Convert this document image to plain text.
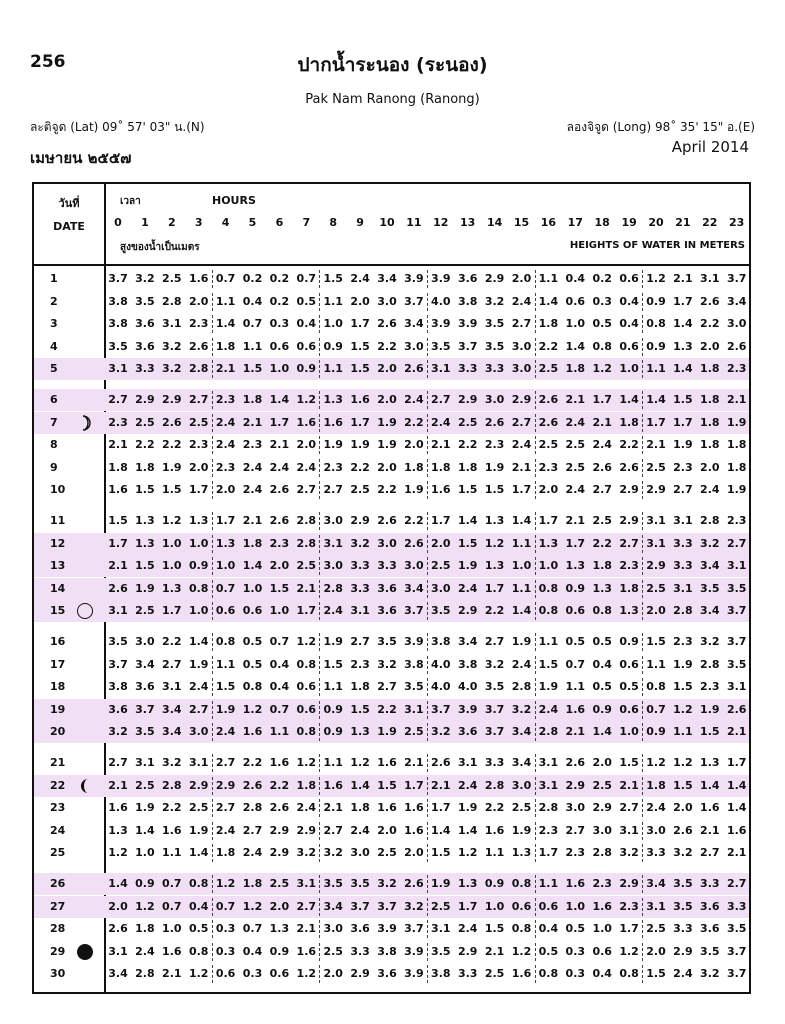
256	ปากน้ำระนอง (ระนอง)
Pak Nam Ranong (Ranong)
ละติจูด (Lat) 09˚ 57' 03" น.(N)	ลองจิจูด (Long) 98˚ 35' 15" อ.(E)
เมษายน ๒๕๕๗
April 2014
วันที่
DATE
เวลา	HOURS
สูงของน้ำเป็นเมตร	HEIGHTS OF WATER IN METERS
0	1	2	3	4	5	6	7	8	9	10	11	12	13	14	15	16	17	18	19	20	21	22	23
1	3.7 3.2 2.5 1.6 0.7 0.2 0.2 0.7 1.5 2.4 3.4 3.9 3.9 3.6 2.9 2.0 1.1 0.4 0.2 0.6 1.2 2.1 3.1 3.7
2	3.8 3.5 2.8 2.0 1.1 0.4 0.2 0.5 1.1 2.0 3.0 3.7 4.0 3.8 3.2 2.4 1.4 0.6 0.3 0.4 0.9 1.7 2.6 3.4
3	3.8 3.6 3.1 2.3 1.4 0.7 0.3 0.4 1.0 1.7 2.6 3.4 3.9 3.9 3.5 2.7 1.8 1.0 0.5 0.4 0.8 1.4 2.2 3.0
4	3.5 3.6 3.2 2.6 1.8 1.1 0.6 0.6 0.9 1.5 2.2 3.0 3.5 3.7 3.5 3.0 2.2 1.4 0.8 0.6 0.9 1.3 2.0 2.6
5	3.1 3.3 3.2 2.8 2.1 1.5 1.0 0.9 1.1 1.5 2.0 2.6 3.1 3.3 3.3 3.0 2.5 1.8 1.2 1.0 1.1 1.4 1.8 2.3
6	2.7 2.9 2.9 2.7 2.3 1.8 1.4 1.2 1.3 1.6 2.0 2.4 2.7 2.9 3.0 2.9 2.6 2.1 1.7 1.4 1.4 1.5 1.8 2.1
7	2.3 2.5 2.6 2.5 2.4 2.1 1.7 1.6 1.6 1.7 1.9 2.2 2.4 2.5 2.6 2.7 2.6 2.4 2.1 1.8 1.7 1.7 1.8 1.9
8	2.1 2.2 2.2 2.3 2.4 2.3 2.1 2.0 1.9 1.9 1.9 2.0 2.1 2.2 2.3 2.4 2.5 2.5 2.4 2.2 2.1 1.9 1.8 1.8
9	1.8 1.8 1.9 2.0 2.3 2.4 2.4 2.4 2.3 2.2 2.0 1.8 1.8 1.8 1.9 2.1 2.3 2.5 2.6 2.6 2.5 2.3 2.0 1.8
10	1.6 1.5 1.5 1.7 2.0 2.4 2.6 2.7 2.7 2.5 2.2 1.9 1.6 1.5 1.5 1.7 2.0 2.4 2.7 2.9 2.9 2.7 2.4 1.9
11	1.5 1.3 1.2 1.3 1.7 2.1 2.6 2.8 3.0 2.9 2.6 2.2 1.7 1.4 1.3 1.4 1.7 2.1 2.5 2.9 3.1 3.1 2.8 2.3
12	1.7 1.3 1.0 1.0 1.3 1.8 2.3 2.8 3.1 3.2 3.0 2.6 2.0 1.5 1.2 1.1 1.3 1.7 2.2 2.7 3.1 3.3 3.2 2.7
13	2.1 1.5 1.0 0.9 1.0 1.4 2.0 2.5 3.0 3.3 3.3 3.0 2.5 1.9 1.3 1.0 1.0 1.3 1.8 2.3 2.9 3.3 3.4 3.1
14	2.6 1.9 1.3 0.8 0.7 1.0 1.5 2.1 2.8 3.3 3.6 3.4 3.0 2.4 1.7 1.1 0.8 0.9 1.3 1.8 2.5 3.1 3.5 3.5
15	3.1 2.5 1.7 1.0 0.6 0.6 1.0 1.7 2.4 3.1 3.6 3.7 3.5 2.9 2.2 1.4 0.8 0.6 0.8 1.3 2.0 2.8 3.4 3.7
16	3.5 3.0 2.2 1.4 0.8 0.5 0.7 1.2 1.9 2.7 3.5 3.9 3.8 3.4 2.7 1.9 1.1 0.5 0.5 0.9 1.5 2.3 3.2 3.7
17	3.7 3.4 2.7 1.9 1.1 0.5 0.4 0.8 1.5 2.3 3.2 3.8 4.0 3.8 3.2 2.4 1.5 0.7 0.4 0.6 1.1 1.9 2.8 3.5
18	3.8 3.6 3.1 2.4 1.5 0.8 0.4 0.6 1.1 1.8 2.7 3.5 4.0 4.0 3.5 2.8 1.9 1.1 0.5 0.5 0.8 1.5 2.3 3.1
19	3.6 3.7 3.4 2.7 1.9 1.2 0.7 0.6 0.9 1.5 2.2 3.1 3.7 3.9 3.7 3.2 2.4 1.6 0.9 0.6 0.7 1.2 1.9 2.6
20	3.2 3.5 3.4 3.0 2.4 1.6 1.1 0.8 0.9 1.3 1.9 2.5 3.2 3.6 3.7 3.4 2.8 2.1 1.4 1.0 0.9 1.1 1.5 2.1
21	2.7 3.1 3.2 3.1 2.7 2.2 1.6 1.2 1.1 1.2 1.6 2.1 2.6 3.1 3.3 3.4 3.1 2.6 2.0 1.5 1.2 1.2 1.3 1.7
22	2.1 2.5 2.8 2.9 2.9 2.6 2.2 1.8 1.6 1.4 1.5 1.7 2.1 2.4 2.8 3.0 3.1 2.9 2.5 2.1 1.8 1.5 1.4 1.4
23	1.6 1.9 2.2 2.5 2.7 2.8 2.6 2.4 2.1 1.8 1.6 1.6 1.7 1.9 2.2 2.5 2.8 3.0 2.9 2.7 2.4 2.0 1.6 1.4
24	1.3 1.4 1.6 1.9 2.4 2.7 2.9 2.9 2.7 2.4 2.0 1.6 1.4 1.4 1.6 1.9 2.3 2.7 3.0 3.1 3.0 2.6 2.1 1.6
25	1.2 1.0 1.1 1.4 1.8 2.4 2.9 3.2 3.2 3.0 2.5 2.0 1.5 1.2 1.1 1.3 1.7 2.3 2.8 3.2 3.3 3.2 2.7 2.1
26	1.4 0.9 0.7 0.8 1.2 1.8 2.5 3.1 3.5 3.5 3.2 2.6 1.9 1.3 0.9 0.8 1.1 1.6 2.3 2.9 3.4 3.5 3.3 2.7
27	2.0 1.2 0.7 0.4 0.7 1.2 2.0 2.7 3.4 3.7 3.7 3.2 2.5 1.7 1.0 0.6 0.6 1.0 1.6 2.3 3.1 3.5 3.6 3.3
28	2.6 1.8 1.0 0.5 0.3 0.7 1.3 2.1 3.0 3.6 3.9 3.7 3.1 2.4 1.5 0.8 0.4 0.5 1.0 1.7 2.5 3.3 3.6 3.5
29	3.1 2.4 1.6 0.8 0.3 0.4 0.9 1.6 2.5 3.3 3.8 3.9 3.5 2.9 2.1 1.2 0.5 0.3 0.6 1.2 2.0 2.9 3.5 3.7
30	3.4 2.8 2.1 1.2 0.6 0.3 0.6 1.2 2.0 2.9 3.6 3.9 3.8 3.3 2.5 1.6 0.8 0.3 0.4 0.8 1.5 2.4 3.2 3.7
